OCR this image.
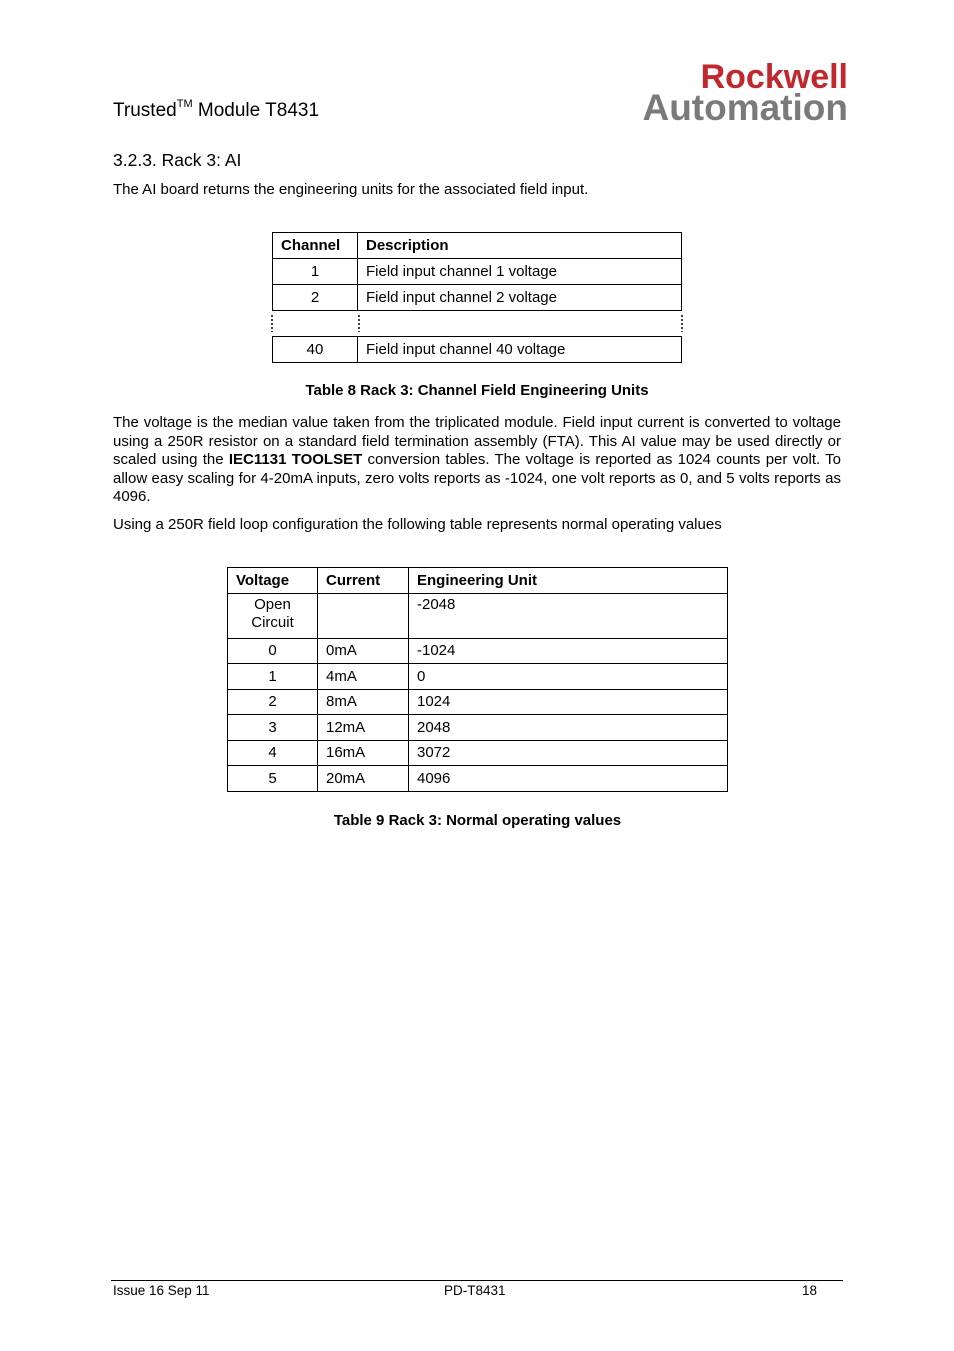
Trusted™ Module T8431
Rockwell
Automation
3.2.3. Rack 3: AI
The AI board returns the engineering units for the associated field input.
Channel	Description
1	Field input channel 1 voltage
2	Field input channel 2 voltage

40	Field input channel 40 voltage
Table 8 Rack 3: Channel Field Engineering Units
The voltage is the median value taken from the triplicated module. Field input current is converted to voltage using a 250R resistor on a standard field termination assembly (FTA). This AI value may be used directly or scaled using the IEC1131 TOOLSET conversion tables. The voltage is reported as 1024 counts per volt. To allow easy scaling for 4-20mA inputs, zero volts reports as -1024, one volt reports as 0, and 5 volts reports as 4096.
Using a 250R field loop configuration the following table represents normal operating values
Voltage	Current	Engineering Unit
Open
Circuit		-2048
0	0mA	-1024
1	4mA	0
2	8mA	1024
3	12mA	2048
4	16mA	3072
5	20mA	4096
Table 9 Rack 3: Normal operating values
Issue 16 Sep 11	PD-T8431	18
